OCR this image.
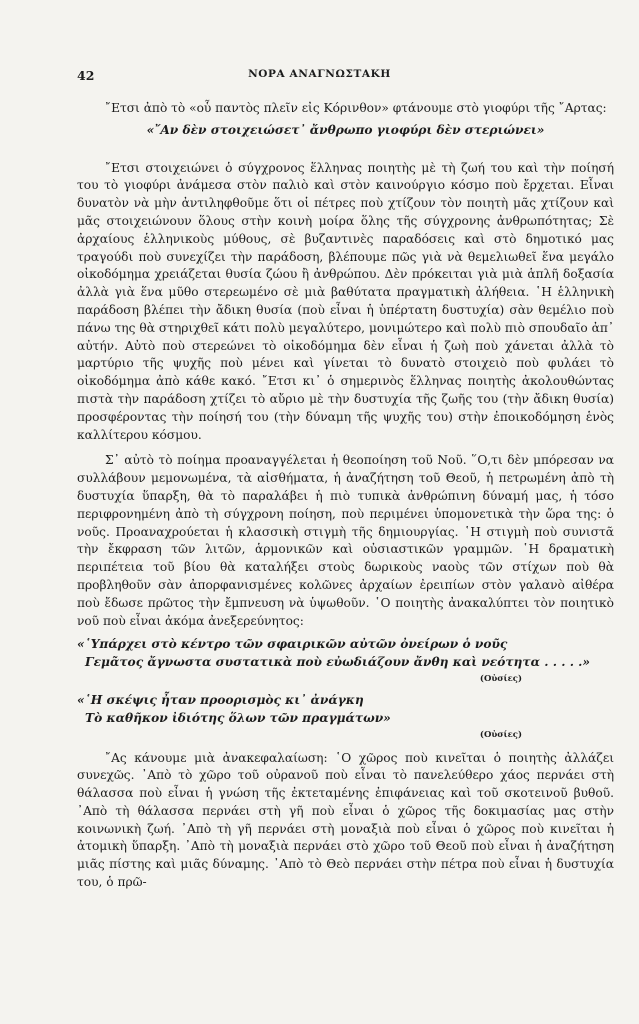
42	ΝΟΡΑ ΑΝΑΓΝΩΣΤΑΚΗ

῎Ετσι ἀπὸ τὸ «οὗ παντὸς πλεῖν εἰς Κόρινθον» φτάνουμε στὸ γιοφύρι τῆς ῎Αρτας:

«῎Αν δὲν στοιχειώσετ᾽ ἄνθρωπο γιοφύρι δὲν στεριώνει»

῎Ετσι στοιχειώνει ὁ σύγχρονος ἕλληνας ποιητὴς μὲ τὴ ζωή του καὶ τὴν ποίησή του τὸ γιοφύρι ἀνάμεσα στὸν παλιὸ καὶ στὸν καινούργιο κόσμο ποὺ ἔρχεται. Εἶναι δυνατὸν νὰ μὴν ἀντιληφθοῦμε ὅτι οἱ πέτρες ποὺ χτίζουν τὸν ποιητὴ μᾶς χτίζουν καὶ μᾶς στοιχειώνουν ὅλους στὴν κοινὴ μοίρα ὅλης τῆς σύγχρονης ἀνθρωπότητας; Σὲ ἀρχαίους ἑλληνικοὺς μύθους, σὲ βυζαντινὲς παραδόσεις καὶ στὸ δημοτικό μας τραγούδι ποὺ συνεχίζει τὴν παράδοση, βλέπουμε πῶς γιὰ νὰ θεμελιωθεῖ ἕνα μεγάλο οἰκοδόμημα χρειάζεται θυσία ζώου ἢ ἀνθρώπου. Δὲν πρόκειται γιὰ μιὰ ἁπλῆ δοξασία ἀλλὰ γιὰ ἕνα μῦθο στερεωμένο σὲ μιὰ βαθύτατα πραγματικὴ ἀλήθεια. ῾Η ἑλληνικὴ παράδοση βλέπει τὴν ἄδικη θυσία (ποὺ εἶναι ἡ ὑπέρτατη δυστυχία) σὰν θεμέλιο ποὺ πάνω της θὰ στηριχθεῖ κάτι πολὺ μεγαλύτερο, μονιμώτερο καὶ πολὺ πιὸ σπουδαῖο ἀπ᾽ αὐτήν. Αὐτὸ ποὺ στερεώνει τὸ οἰκοδόμημα δὲν εἶναι ἡ ζωὴ ποὺ χάνεται ἀλλὰ τὸ μαρτύριο τῆς ψυχῆς ποὺ μένει καὶ γίνεται τὸ δυνατὸ στοιχειὸ ποὺ φυλάει τὸ οἰκοδόμημα ἀπὸ κάθε κακό. ῎Ετσι κι᾽ ὁ σημερινὸς ἕλληνας ποιητὴς ἀκολουθώντας πιστὰ τὴν παράδοση χτίζει τὸ αὔριο μὲ τὴν δυστυχία τῆς ζωῆς του (τὴν ἄδικη θυσία) προσφέροντας τὴν ποίησή του (τὴν δύναμη τῆς ψυχῆς του) στὴν ἐποικοδόμηση ἑνὸς καλλίτερου κόσμου.

Σ᾽ αὐτὸ τὸ ποίημα προαναγγέλεται ἡ θεοποίηση τοῦ Νοῦ. ῞Ο,τι δὲν μπόρεσαν να συλλάβουν μεμονωμένα, τὰ αἰσθήματα, ἡ ἀναζήτηση τοῦ Θεοῦ, ἡ πετρωμένη ἀπὸ τὴ δυστυχία ὕπαρξη, θὰ τὸ παραλάβει ἡ πιὸ τυπικὰ ἀνθρώπινη δύναμή μας, ἡ τόσο περιφρονημένη ἀπὸ τὴ σύγχρονη ποίηση, ποὺ περιμένει ὑπομονετικὰ τὴν ὥρα της: ὁ νοῦς. Προαναχρούεται ἡ κλασσικὴ στιγμὴ τῆς δημιουργίας. ῾Η στιγμὴ ποὺ συνιστᾶ τὴν ἔκφραση τῶν λιτῶν, ἁρμονικῶν καὶ οὐσιαστικῶν γραμμῶν. ῾Η δραματικὴ περιπέτεια τοῦ βίου θὰ καταλήξει στοὺς δωρικοὺς ναοὺς τῶν στίχων ποὺ θὰ προβληθοῦν σὰν ἀπορφανισμένες κολῶνες ἀρχαίων ἐρειπίων στὸν γαλανὸ αἰθέρα ποὺ ἔδωσε πρῶτος τὴν ἔμπνευση νὰ ὑψωθοῦν. ῾Ο ποιητὴς ἀνακαλύπτει τὸν ποιητικὸ νοῦ ποὺ εἶναι ἀκόμα ἀνεξερεύνητος:

«῾Υπάρχει στὸ κέντρο τῶν σφαιρικῶν αὐτῶν ὀνείρων ὁ νοῦς
Γεμᾶτος ἄγνωστα συστατικὰ ποὺ εὐωδιάζουν ἄνθη καὶ νεότητα . . . . .»
(Οὐσίες)
«῾Η σκέψις ἦταν προορισμὸς κι᾽ ἀνάγκη
Τὸ καθῆκον ἰδιότης ὅλων τῶν πραγμάτων»
(Οὐσίες)

῎Ας κάνουμε μιὰ ἀνακεφαλαίωση: ῾Ο χῶρος ποὺ κινεῖται ὁ ποιητὴς ἀλλάζει συνεχῶς. ᾽Απὸ τὸ χῶρο τοῦ οὐρανοῦ ποὺ εἶναι τὸ πανελεύθερο χάος περνάει στὴ θάλασσα ποὺ εἶναι ἡ γνώση τῆς ἐκτεταμένης ἐπιφάνειας καὶ τοῦ σκοτεινοῦ βυθοῦ. ᾽Απὸ τὴ θάλασσα περνάει στὴ γῆ ποὺ εἶναι ὁ χῶρος τῆς δοκιμασίας μας στὴν κοινωνικὴ ζωή. ᾽Απὸ τὴ γῆ περνάει στὴ μοναξιὰ ποὺ εἶναι ὁ χῶρος ποὺ κινεῖται ἡ ἀτομικὴ ὕπαρξη. ᾽Απὸ τὴ μοναξιὰ περνάει στὸ χῶρο τοῦ Θεοῦ ποὺ εἶναι ἡ ἀναζήτηση μιᾶς πίστης καὶ μιᾶς δύναμης. ᾽Απὸ τὸ Θεὸ περνάει στὴν πέτρα ποὺ εἶναι ἡ δυστυχία του, ὁ πρῶ-
